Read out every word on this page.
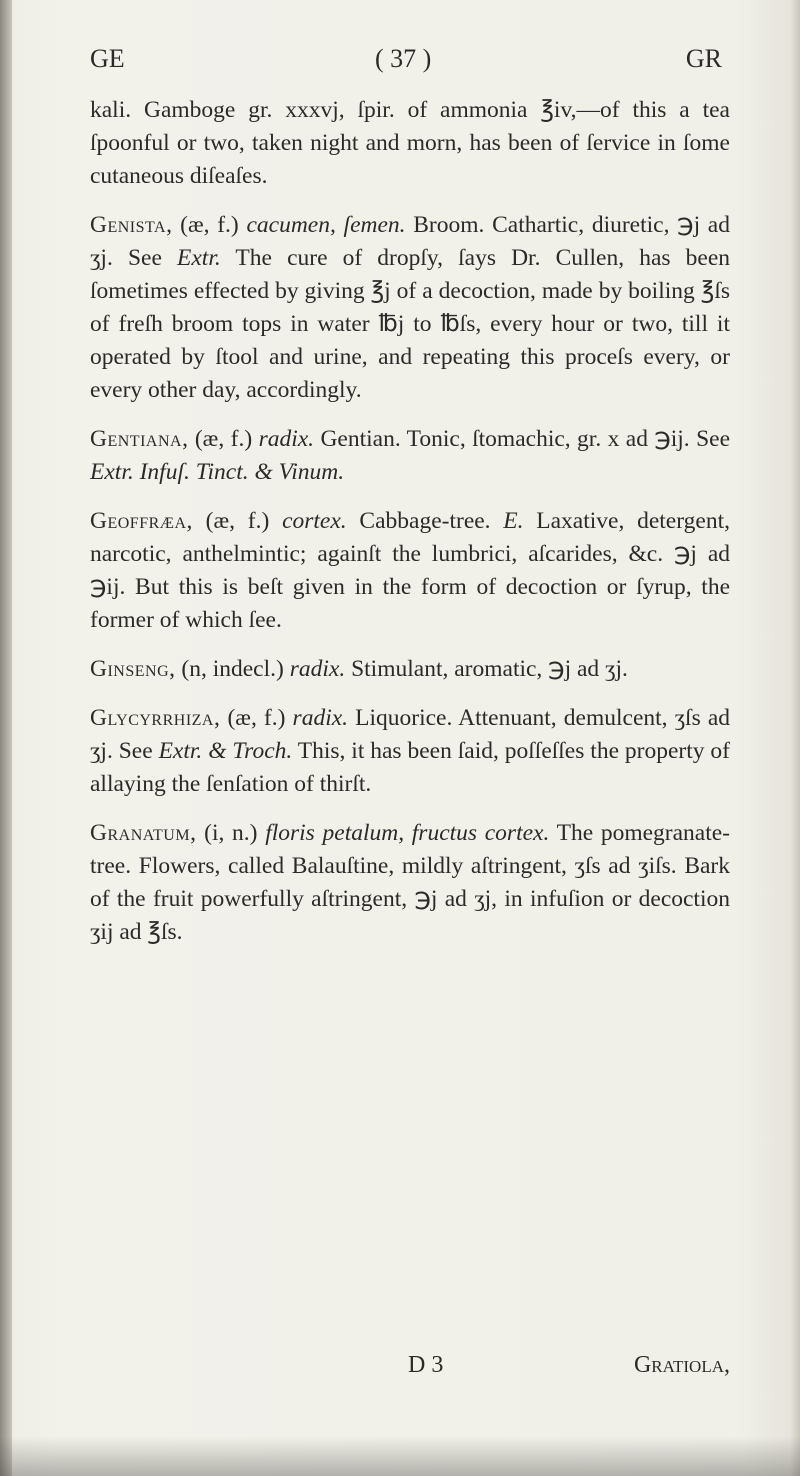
GE	( 37 )	GR

kali. Gamboge gr. xxxvj, ſpir. of ammonia ℥iv,—of this a tea ſpoonful or two, taken night and morn, has been of ſervice in ſome cutaneous diſeaſes.

Genista, (æ, f.) cacumen, ſemen. Broom. Cathartic, diuretic, ℈j ad ʒj. See Extr. The cure of dropſy, ſays Dr. Cullen, has been ſometimes effected by giving ℥j of a decoction, made by boiling ℥ſs of freſh broom tops in water ℔j to ℔ſs, every hour or two, till it operated by ſtool and urine, and repeating this proceſs every, or every other day, accordingly.

Gentiana, (æ, f.) radix. Gentian. Tonic, ſtomachic, gr. x ad ℈ij. See Extr. Infuſ. Tinct. & Vinum.

Geoffræa, (æ, f.) cortex. Cabbage-tree. E. Laxative, detergent, narcotic, anthelmintic; againſt the lumbrici, aſcarides, &c. ℈j ad ℈ij. But this is beſt given in the form of decoction or ſyrup, the former of which ſee.

Ginseng, (n, indecl.) radix. Stimulant, aromatic, ℈j ad ʒj.

Glycyrrhiza, (æ, f.) radix. Liquorice. Attenuant, demulcent, ʒſs ad ʒj. See Extr. & Troch. This, it has been ſaid, poſſeſſes the property of allaying the ſenſation of thirſt.

Granatum, (i, n.) floris petalum, fructus cortex. The pomegranate-tree. Flowers, called Balauſtine, mildly aſtringent, ʒſs ad ʒiſs. Bark of the fruit powerfully aſtringent, ℈j ad ʒj, in infuſion or decoction ʒij ad ℥ſs.

D 3	Gratiola,
